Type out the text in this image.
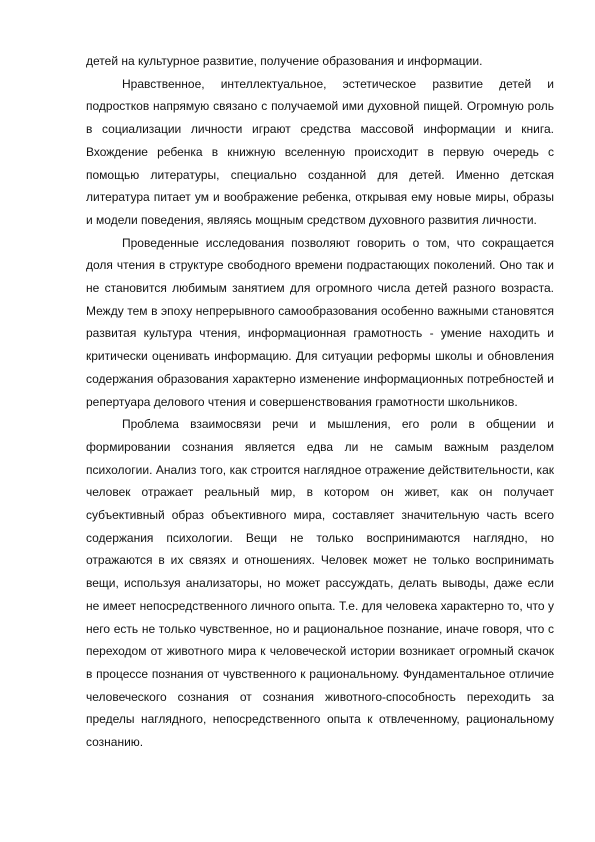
детей на культурное развитие, получение образования и информации.

Нравственное, интеллектуальное, эстетическое развитие детей и подростков напрямую связано с получаемой ими духовной пищей. Огромную роль в социализации личности играют средства массовой информации и книга. Вхождение ребенка в книжную вселенную происходит в первую очередь с помощью литературы, специально созданной для детей. Именно детская литература питает ум и воображение ребенка, открывая ему новые миры, образы и модели поведения, являясь мощным средством духовного развития личности.

Проведенные исследования позволяют говорить о том, что сокращается доля чтения в структуре свободного времени подрастающих поколений. Оно так и не становится любимым занятием для огромного числа детей разного возраста. Между тем в эпоху непрерывного самообразования особенно важными становятся развитая культура чтения, информационная грамотность - умение находить и критически оценивать информацию. Для ситуации реформы школы и обновления содержания образования характерно изменение информационных потребностей и репертуара делового чтения и совершенствования грамотности школьников.

Проблема взаимосвязи речи и мышления, его роли в общении и формировании сознания является едва ли не самым важным разделом психологии. Анализ того, как строится наглядное отражение действительности, как человек отражает реальный мир, в котором он живет, как он получает субъективный образ объективного мира, составляет значительную часть всего содержания психологии. Вещи не только воспринимаются наглядно, но отражаются в их связях и отношениях. Человек может не только воспринимать вещи, используя анализаторы, но может рассуждать, делать выводы, даже если не имеет непосредственного личного опыта. Т.е. для человека характерно то, что у него есть не только чувственное, но и рациональное познание, иначе говоря, что с переходом от животного мира к человеческой истории возникает огромный скачок в процессе познания от чувственного к рациональному. Фундаментальное отличие человеческого сознания от сознания животного-способность переходить за пределы наглядного, непосредственного опыта к отвлеченному, рациональному сознанию.
